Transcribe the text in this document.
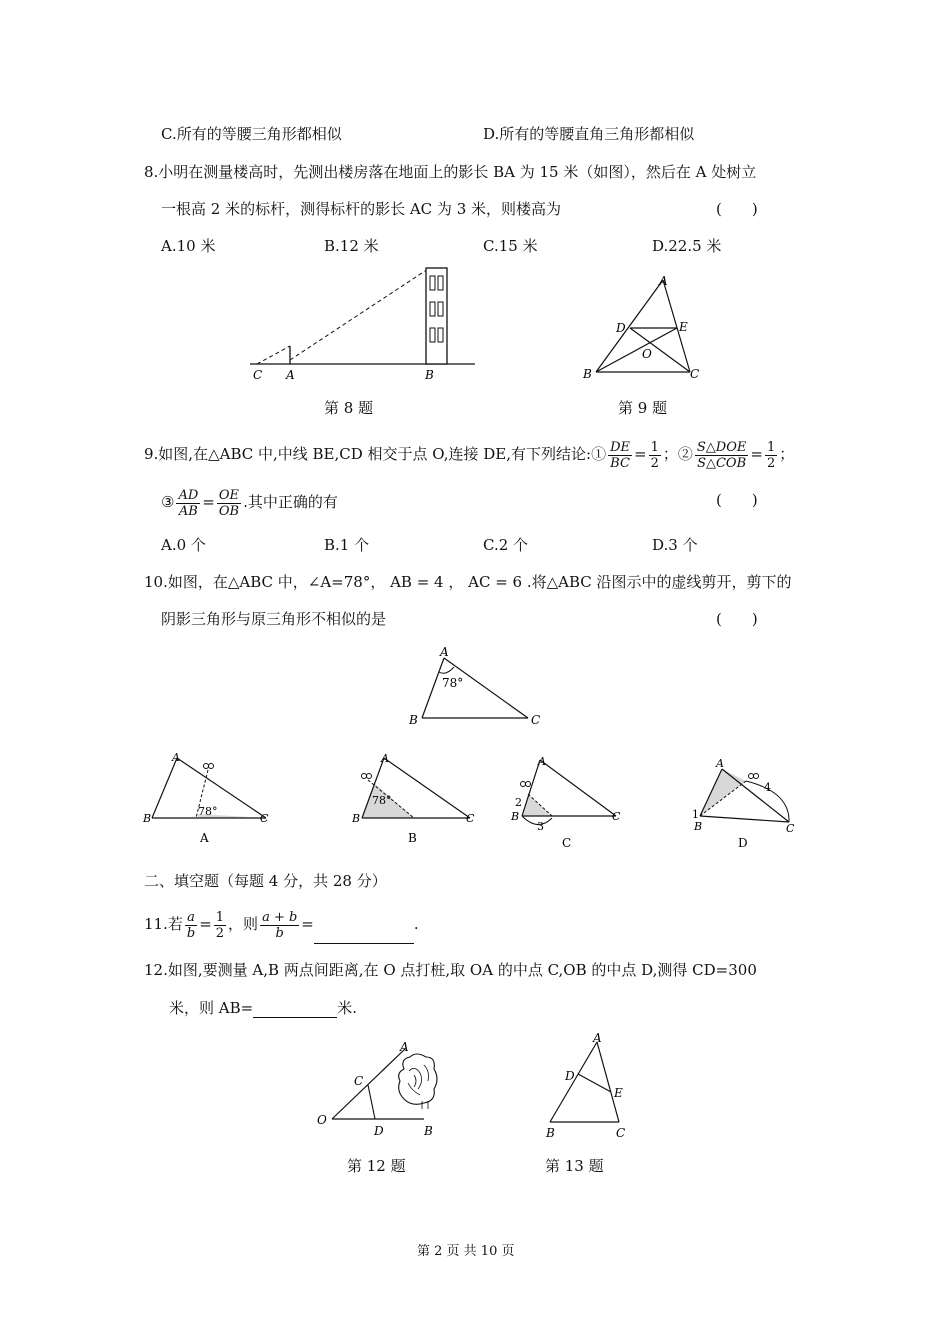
C.所有的等腰三角形都相似	D.所有的等腰直角三角形都相似
8.小明在测量楼高时，先测出楼房落在地面上的影长 BA 为 15 米（如图），然后在 A 处树立
一根高 2 米的标杆，测得标杆的影长 AC 为 3 米，则楼高为	(　　)
A.10 米	B.12 米	C.15 米	D.22.5 米
C A	B
第 8 题
A
D	E
O
B	C
第 9 题
9.如图,在△ABC 中,中线 BE,CD 相交于点 O,连接 DE,有下列结论:① $\frac{DE}{BC} = \frac{1}{2}$ ；② $\frac{\text{S△DOE}}{\text{S△COB}} = \frac{1}{2}$ ；
③ $\frac{AD}{AB} = \frac{OE}{OB}$ .其中正确的有	(　　)
A.0 个	B.1 个	C.2 个	D.3 个
10.如图，在△ABC 中，∠A=78°， AB = 4 ， AC = 6 .将△ABC 沿图示中的虚线剪开，剪下的
阴影三角形与原三角形不相似的是	(　　)
A
B	C
78°
78°
A
B	C
A
78°
A
B	C
B
2
3
A
B	C
C
1
4
A
B	C
D
二、填空题（每题 4 分，共 28 分）
11.若 $\frac{a}{b} = \frac{1}{2}$ ，则 $\frac{a + b}{b}$ =	.
12.如图,要测量 A,B 两点间距离,在 O 点打桩,取 OA 的中点 C,OB 的中点 D,测得 CD=300
米，则 AB=	米.
A
C
O
D	B
第 12 题
A
D
E
B	C
第 13 题
第 2 页 共 10 页
